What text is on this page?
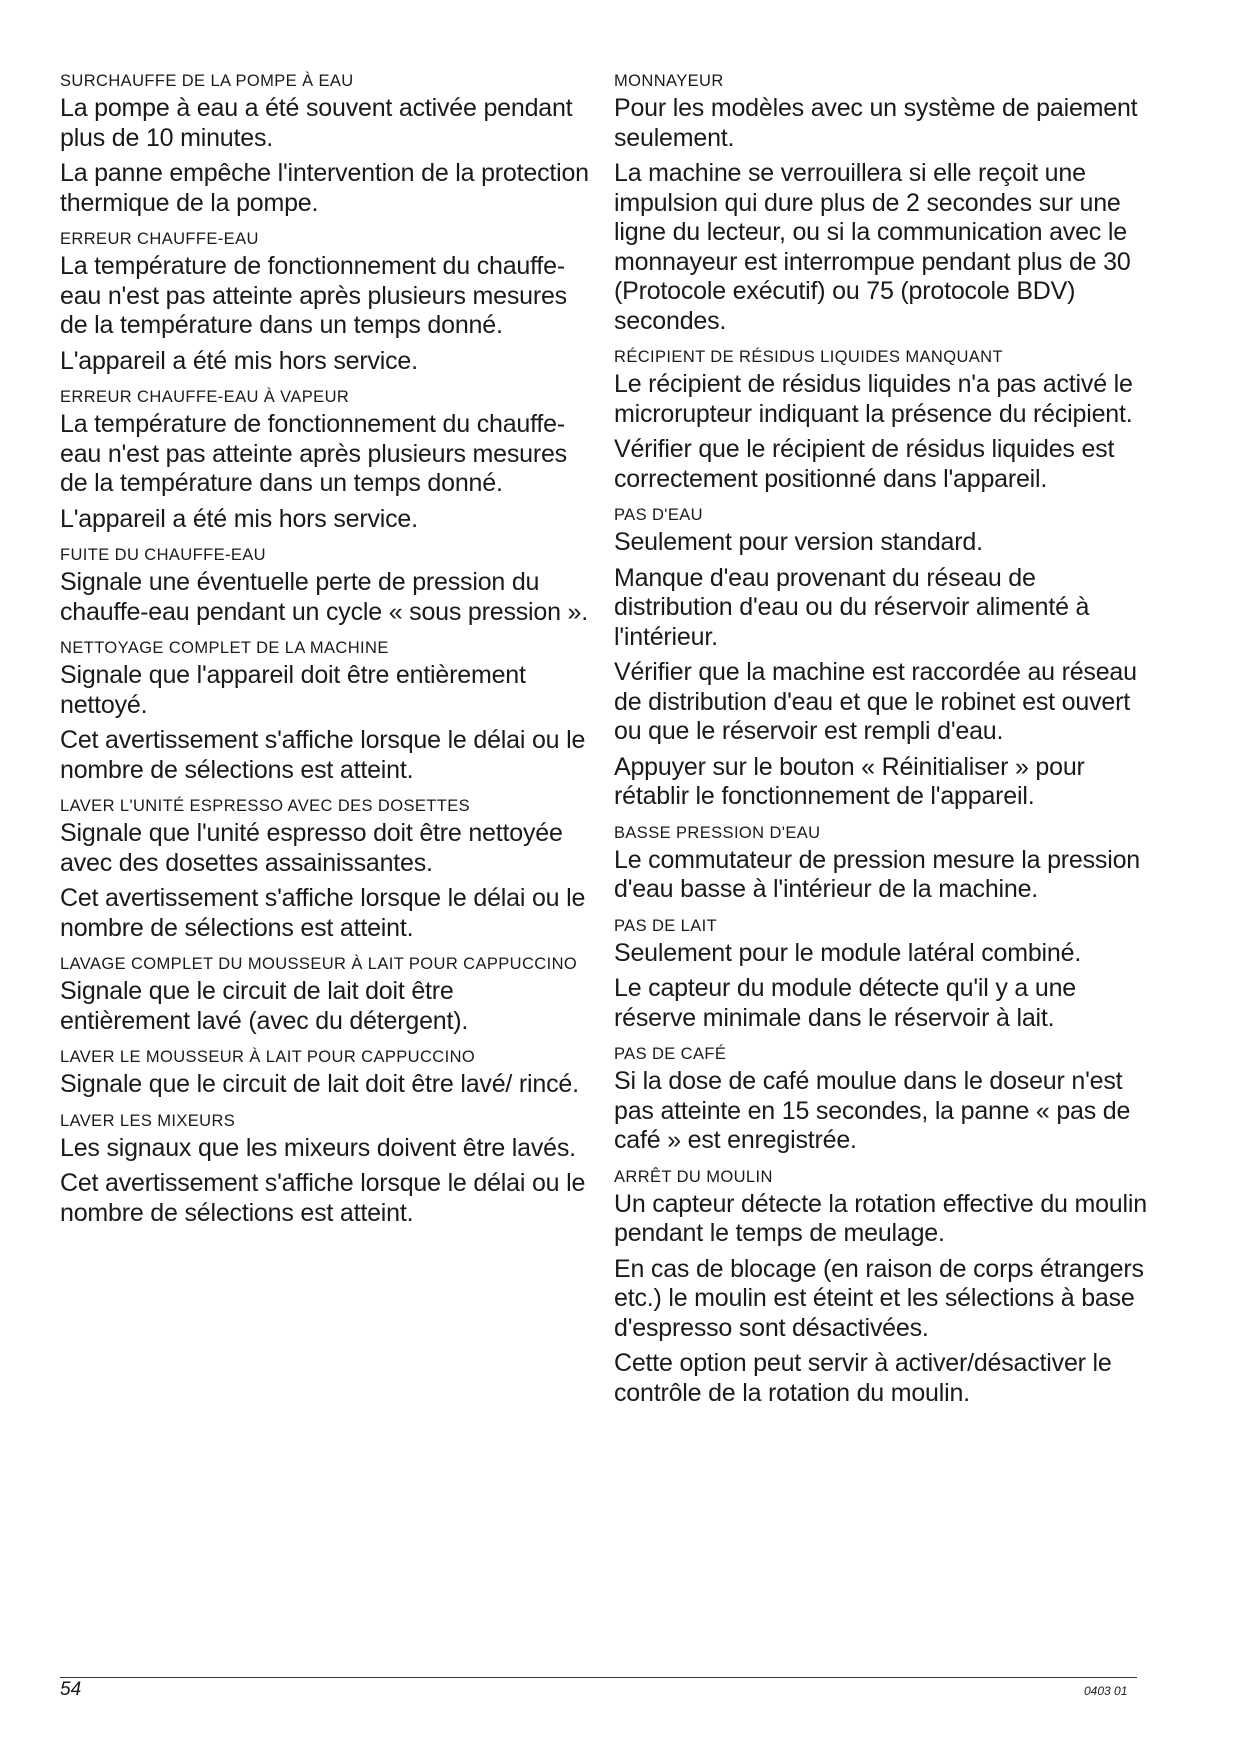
SURCHAUFFE DE LA POMPE À EAU

La pompe à eau a été souvent activée pendant plus de 10 minutes.

La panne empêche l'intervention de la protection thermique de la pompe.

ERREUR CHAUFFE-EAU

La température de fonctionnement du chauffe-eau n'est pas atteinte après plusieurs mesures de la température dans un temps donné.

L'appareil a été mis hors service.

ERREUR CHAUFFE-EAU À VAPEUR

La température de fonctionnement du chauffe-eau n'est pas atteinte après plusieurs mesures de la température dans un temps donné.

L'appareil a été mis hors service.

FUITE DU CHAUFFE-EAU

Signale une éventuelle perte de pression du chauffe-eau pendant un cycle « sous pression ».

NETTOYAGE COMPLET DE LA MACHINE

Signale que l'appareil doit être entièrement nettoyé.

Cet avertissement s'affiche lorsque le délai ou le nombre de sélections est atteint.

LAVER L'UNITÉ ESPRESSO AVEC DES DOSETTES

Signale que l'unité espresso doit être nettoyée avec des dosettes assainissantes.

Cet avertissement s'affiche lorsque le délai ou le nombre de sélections est atteint.

LAVAGE COMPLET DU MOUSSEUR À LAIT POUR CAPPUCCINO

Signale que le circuit de lait doit être entièrement lavé (avec du détergent).

LAVER LE MOUSSEUR À LAIT POUR CAPPUCCINO

Signale que le circuit de lait doit être lavé/ rincé.

LAVER LES MIXEURS

Les signaux que les mixeurs doivent être lavés.

Cet avertissement s'affiche lorsque le délai ou le nombre de sélections est atteint.

MONNAYEUR

Pour les modèles avec un système de paiement seulement.

La machine se verrouillera si elle reçoit une impulsion qui dure plus de 2 secondes sur une ligne du lecteur, ou si la communication avec le monnayeur est interrompue pendant plus de 30 (Protocole exécutif) ou 75 (protocole BDV) secondes.

RÉCIPIENT DE RÉSIDUS LIQUIDES MANQUANT

Le récipient de résidus liquides n'a pas activé le microrupteur indiquant la présence du récipient.

Vérifier que le récipient de résidus liquides est correctement positionné dans l'appareil.

PAS D'EAU

Seulement pour version standard.

Manque d'eau provenant du réseau de distribution d'eau ou du réservoir alimenté à l'intérieur.

Vérifier que la machine est raccordée au réseau de distribution d'eau et que le robinet est ouvert ou que le réservoir est rempli d'eau.

Appuyer sur le bouton « Réinitialiser » pour rétablir le fonctionnement de l'appareil.

BASSE PRESSION D'EAU

Le commutateur de pression mesure la pression d'eau basse à l'intérieur de la machine.

PAS DE LAIT

Seulement pour le module latéral combiné.

Le capteur du module détecte qu'il y a une réserve minimale dans le réservoir à lait.

PAS DE CAFÉ

Si la dose de café moulue dans le doseur n'est pas atteinte en 15 secondes, la panne « pas de café » est enregistrée.

ARRÊT DU MOULIN

Un capteur détecte la rotation effective du moulin pendant le temps de meulage.

En cas de blocage (en raison de corps étrangers etc.) le moulin est éteint et les sélections à base d'espresso sont désactivées.

Cette option peut servir à activer/désactiver le contrôle de la rotation du moulin.

54	0403 01
